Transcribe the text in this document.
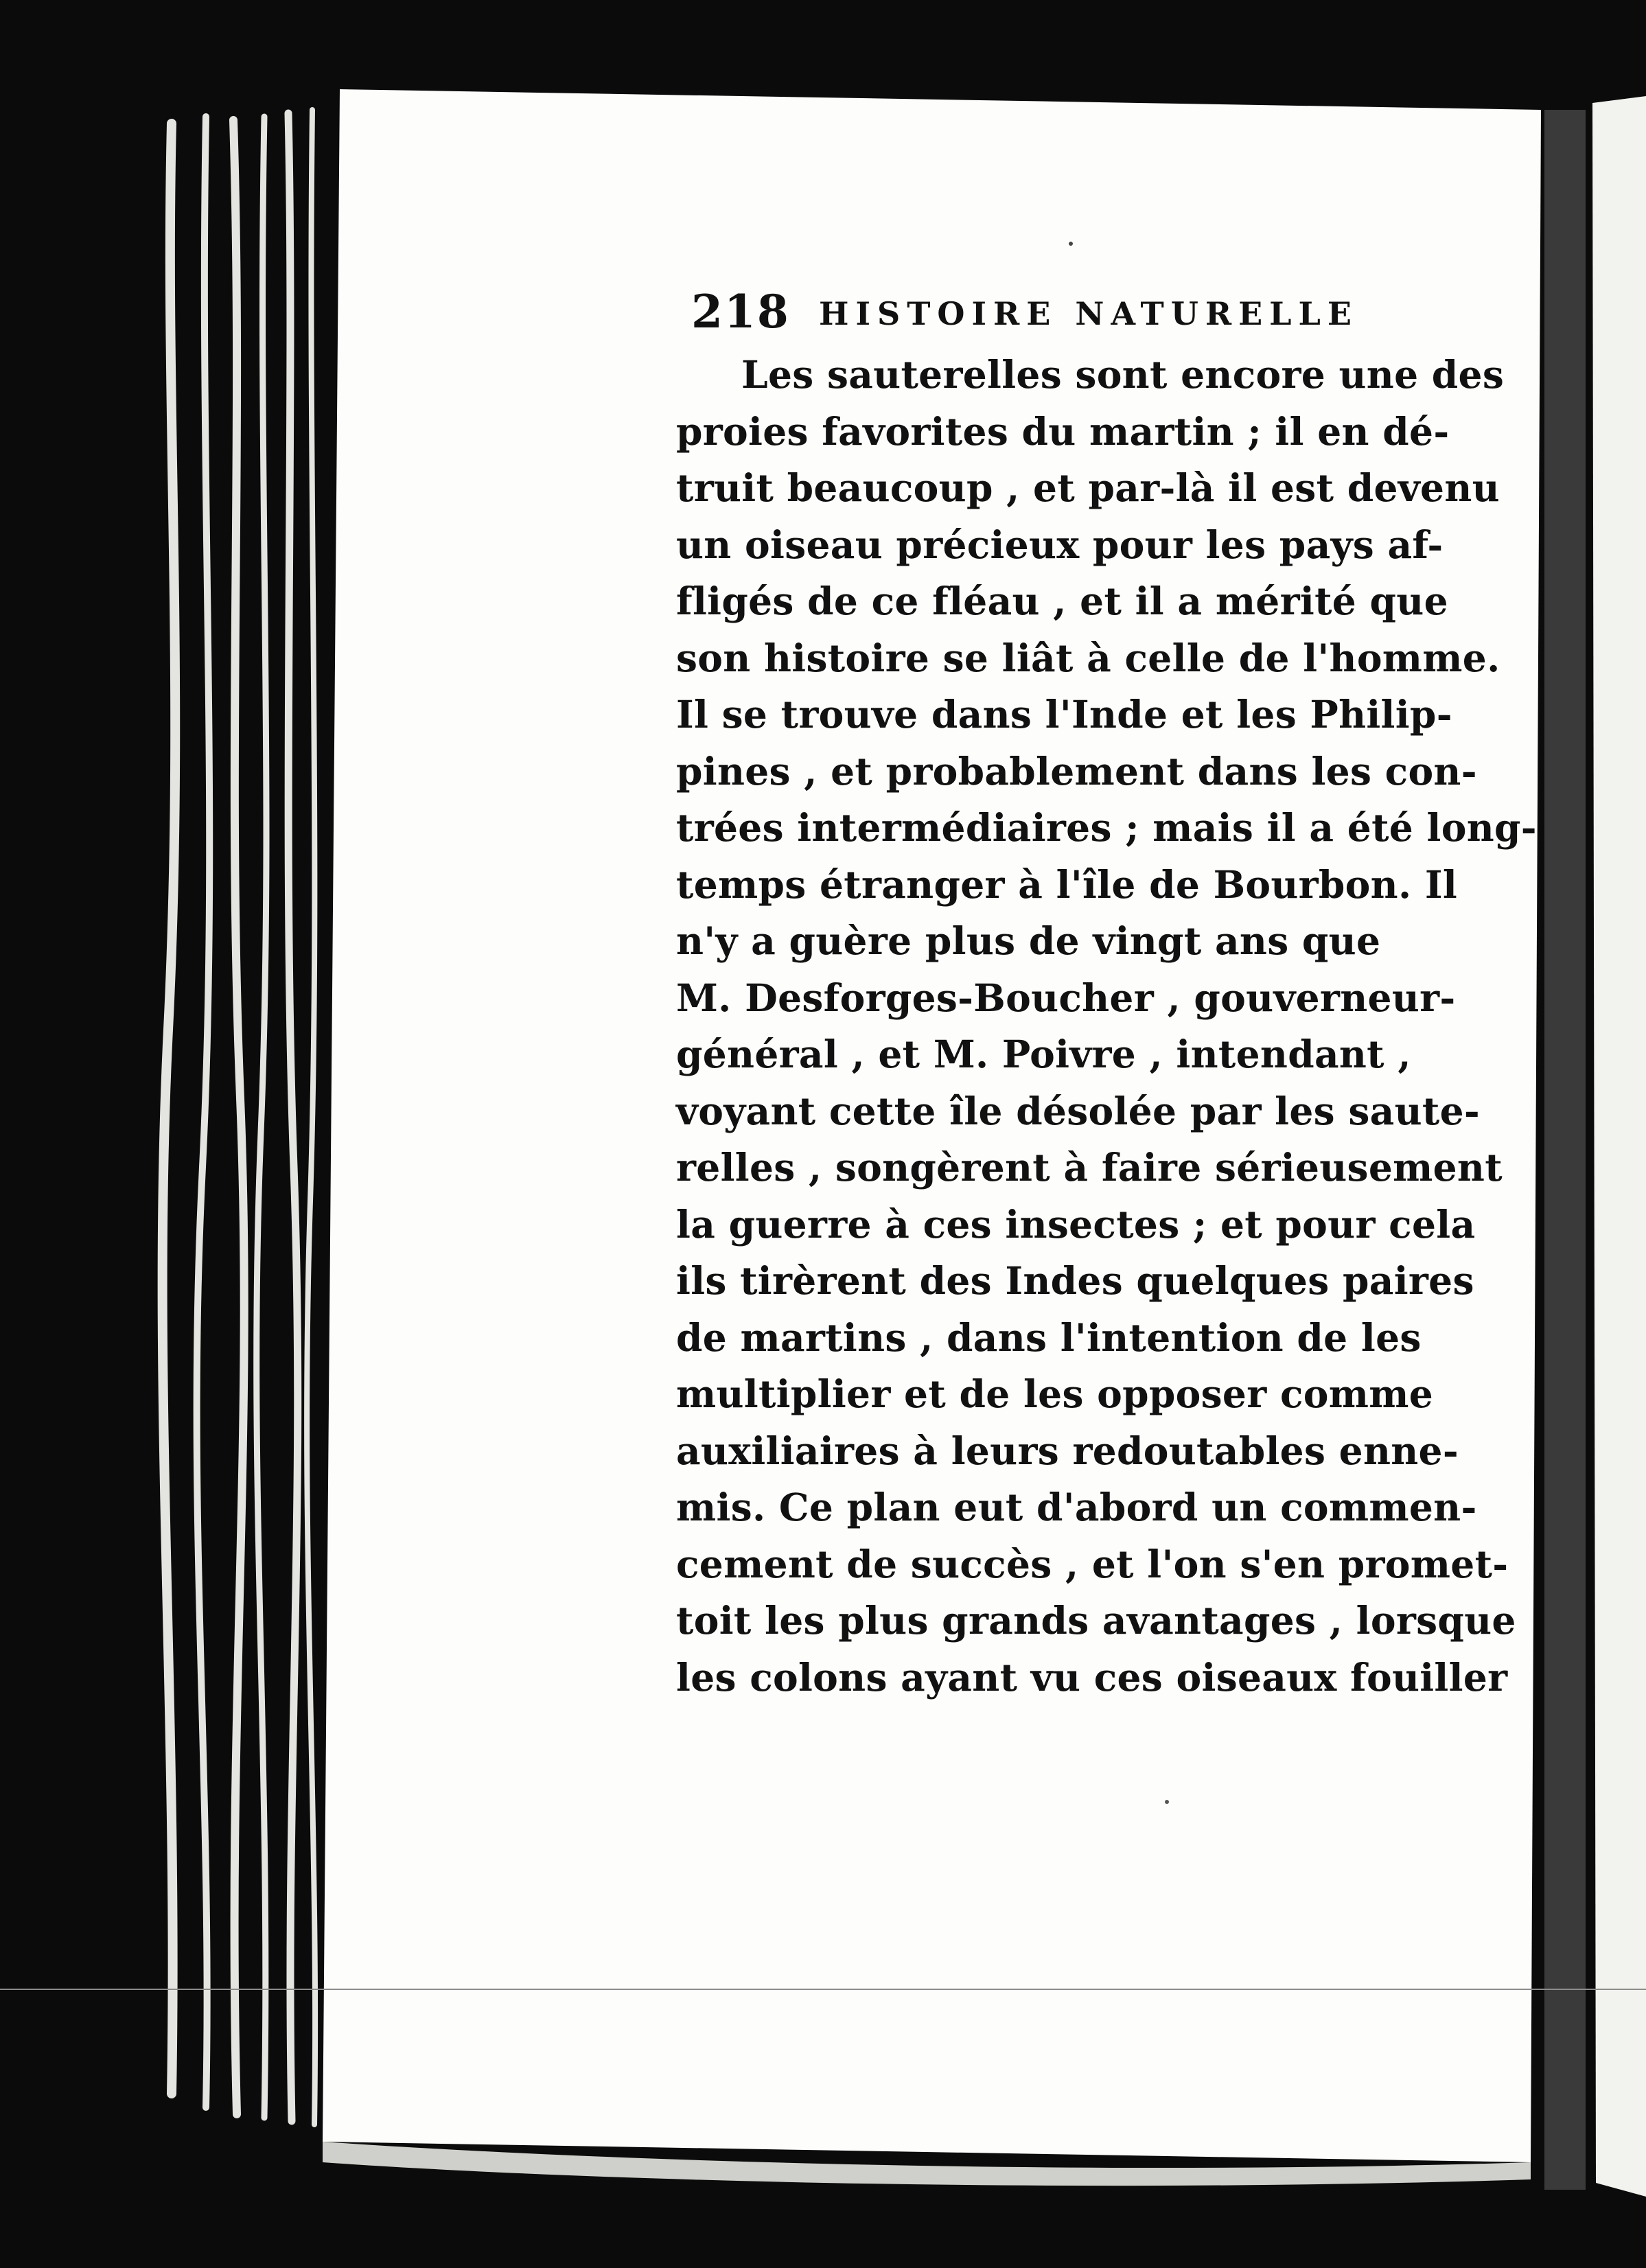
218 HISTOIRE NATURELLE
Les sauterelles sont encore une des
proies favorites du martin ; il en dé-
truit beaucoup , et par-là il est devenu
un oiseau précieux pour les pays af-
fligés de ce fléau , et il a mérité que
son histoire se liât à celle de l'homme.
Il se trouve dans l'Inde et les Philip-
pines , et probablement dans les con-
trées intermédiaires ; mais il a été long-
temps étranger à l'île de Bourbon. Il
n'y a guère plus de vingt ans que
M. Desforges-Boucher , gouverneur-
général , et M. Poivre , intendant ,
voyant cette île désolée par les saute-
relles , songèrent à faire sérieusement
la guerre à ces insectes ; et pour cela
ils tirèrent des Indes quelques paires
de martins , dans l'intention de les
multiplier et de les opposer comme
auxiliaires à leurs redoutables enne-
mis. Ce plan eut d'abord un commen-
cement de succès , et l'on s'en promet-
toit les plus grands avantages , lorsque
les colons ayant vu ces oiseaux fouiller
